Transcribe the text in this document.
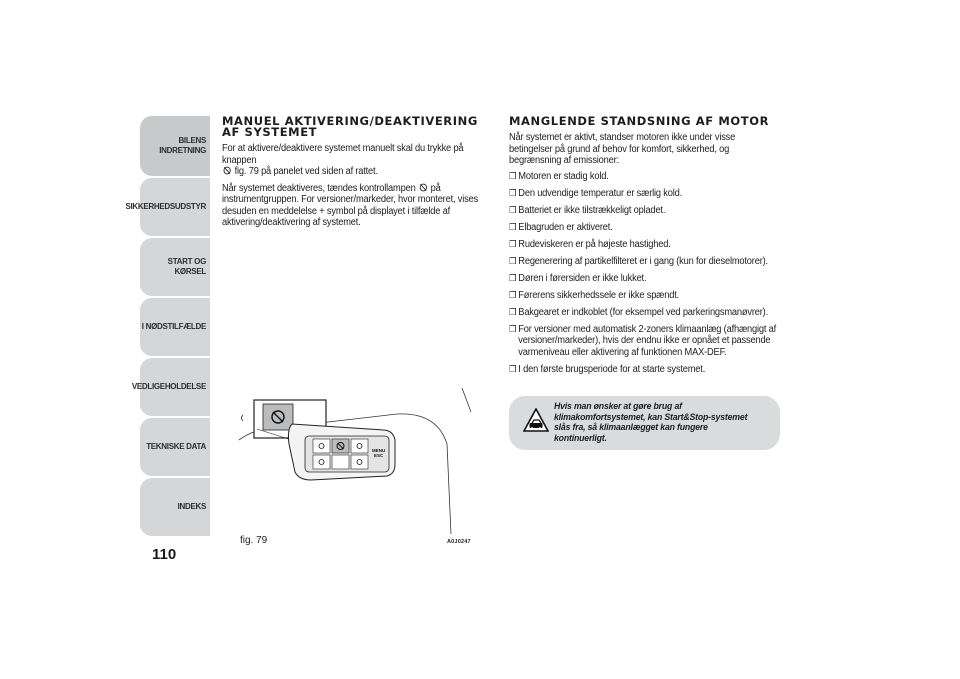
BILENS
INDRETNING
SIKKERHEDSUDSTYR
START OG KØRSEL
I NØDSTILFÆLDE
VEDLIGEHOLDELSE
TEKNISKE DATA
INDEKS
110
MANUEL AKTIVERING/DEAKTIVERING AF SYSTEMET

For at aktivere/deaktivere systemet manuelt skal du trykke på knappen
fig. 79 på panelet ved siden af rattet.

Når systemet deaktiveres, tændes kontrollampen på instrumentgruppen. For versioner/markeder, hvor monteret, vises desuden en meddelelse + symbol på displayet i tilfælde af aktivering/deaktivering af systemet.

MENU
ESC
fig. 79	A0J0247
MANGLENDE STANDSNING AF MOTOR

Når systemet er aktivt, standser motoren ikke under visse betingelser på grund af behov for komfort, sikkerhed, og begrænsning af emissioner:

❒ Motoren er stadig kold.
❒ Den udvendige temperatur er særlig kold.
❒ Batteriet er ikke tilstrækkeligt opladet.
❒ Elbagruden er aktiveret.
❒ Rudeviskeren er på højeste hastighed.
❒ Regenerering af partikelfilteret er i gang (kun for dieselmotorer).
❒ Døren i førersiden er ikke lukket.
❒ Førerens sikkerhedssele er ikke spændt.
❒ Bakgearet er indkoblet (for eksempel ved parkeringsmanøvrer).
❒ For versioner med automatisk 2-zoners klimaanlæg (afhængigt af versioner/markeder), hvis der endnu ikke er opnået et passende varmeniveau eller aktivering af funktionen MAX-DEF.
❒ I den første brugsperiode for at starte systemet.
Hvis man ønsker at gøre brug af klimakomfortsystemet, kan Start&Stop-systemet slås fra, så klimaanlægget kan fungere kontinuerligt.
